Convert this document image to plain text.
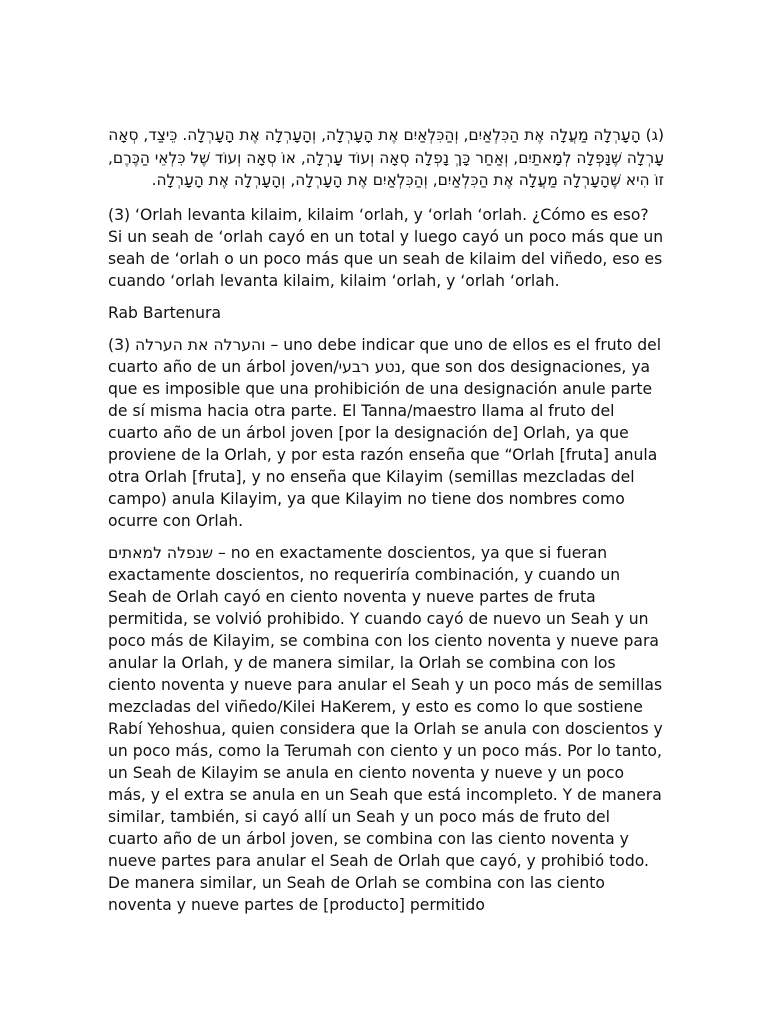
(ג) הָעָרְלָה מַעֲלָה אֶת הַכִּלְאַיִם, וְהַכִּלְאַיִם אֶת הָעָרְלָה, וְהָעָרְלָה אֶת הָעָרְלָה. כֵּיצַד, סְאָה עָרְלָה שֶׁנָּפְלָה לְמָאתַיִם, וְאַחַר כָּךְ נָפְלָה סְאָה וְעוֹד עָרְלָה, אוֹ סְאָה וְעוֹד שֶׁל כִּלְאֵי הַכֶּרֶם, זוֹ הִיא שֶׁהָעָרְלָה מַעֲלָה אֶת הַכִּלְאַיִם, וְהַכִּלְאַיִם אֶת הָעָרְלָה, וְהָעָרְלָה אֶת הָעָרְלָה.

(3) ‘Orlah levanta kilaim, kilaim ‘orlah, y ‘orlah ‘orlah. ¿Cómo es eso? Si un seah de ‘orlah cayó en un total y luego cayó un poco más que un seah de ‘orlah o un poco más que un seah de kilaim del viñedo, eso es cuando ‘orlah levanta kilaim, kilaim ‘orlah, y ‘orlah ‘orlah.

Rab Bartenura

(3) והערלה את הערלה – uno debe indicar que uno de ellos es el fruto del cuarto año de un árbol joven/נטע רבעי, que son dos designaciones, ya que es imposible que una prohibición de una designación anule parte de sí misma hacia otra parte. El Tanna/maestro llama al fruto del cuarto año de un árbol joven [por la designación de] Orlah, ya que proviene de la Orlah, y por esta razón enseña que “Orlah [fruta] anula otra Orlah [fruta], y no enseña que Kilayim (semillas mezcladas del campo) anula Kilayim, ya que Kilayim no tiene dos nombres como ocurre con Orlah.

שנפלה למאתים – no en exactamente doscientos, ya que si fueran exactamente doscientos, no requeriría combinación, y cuando un Seah de Orlah cayó en ciento noventa y nueve partes de fruta permitida, se volvió prohibido. Y cuando cayó de nuevo un Seah y un poco más de Kilayim, se combina con los ciento noventa y nueve para anular la Orlah, y de manera similar, la Orlah se combina con los ciento noventa y nueve para anular el Seah y un poco más de semillas mezcladas del viñedo/Kilei HaKerem, y esto es como lo que sostiene Rabí Yehoshua, quien considera que la Orlah se anula con doscientos y un poco más, como la Terumah con ciento y un poco más. Por lo tanto, un Seah de Kilayim se anula en ciento noventa y nueve y un poco más, y el extra se anula en un Seah que está incompleto. Y de manera similar, también, si cayó allí un Seah y un poco más de fruto del cuarto año de un árbol joven, se combina con las ciento noventa y nueve partes para anular el Seah de Orlah que cayó, y prohibió todo. De manera similar, un Seah de Orlah se combina con las ciento noventa y nueve partes de [producto] permitido
